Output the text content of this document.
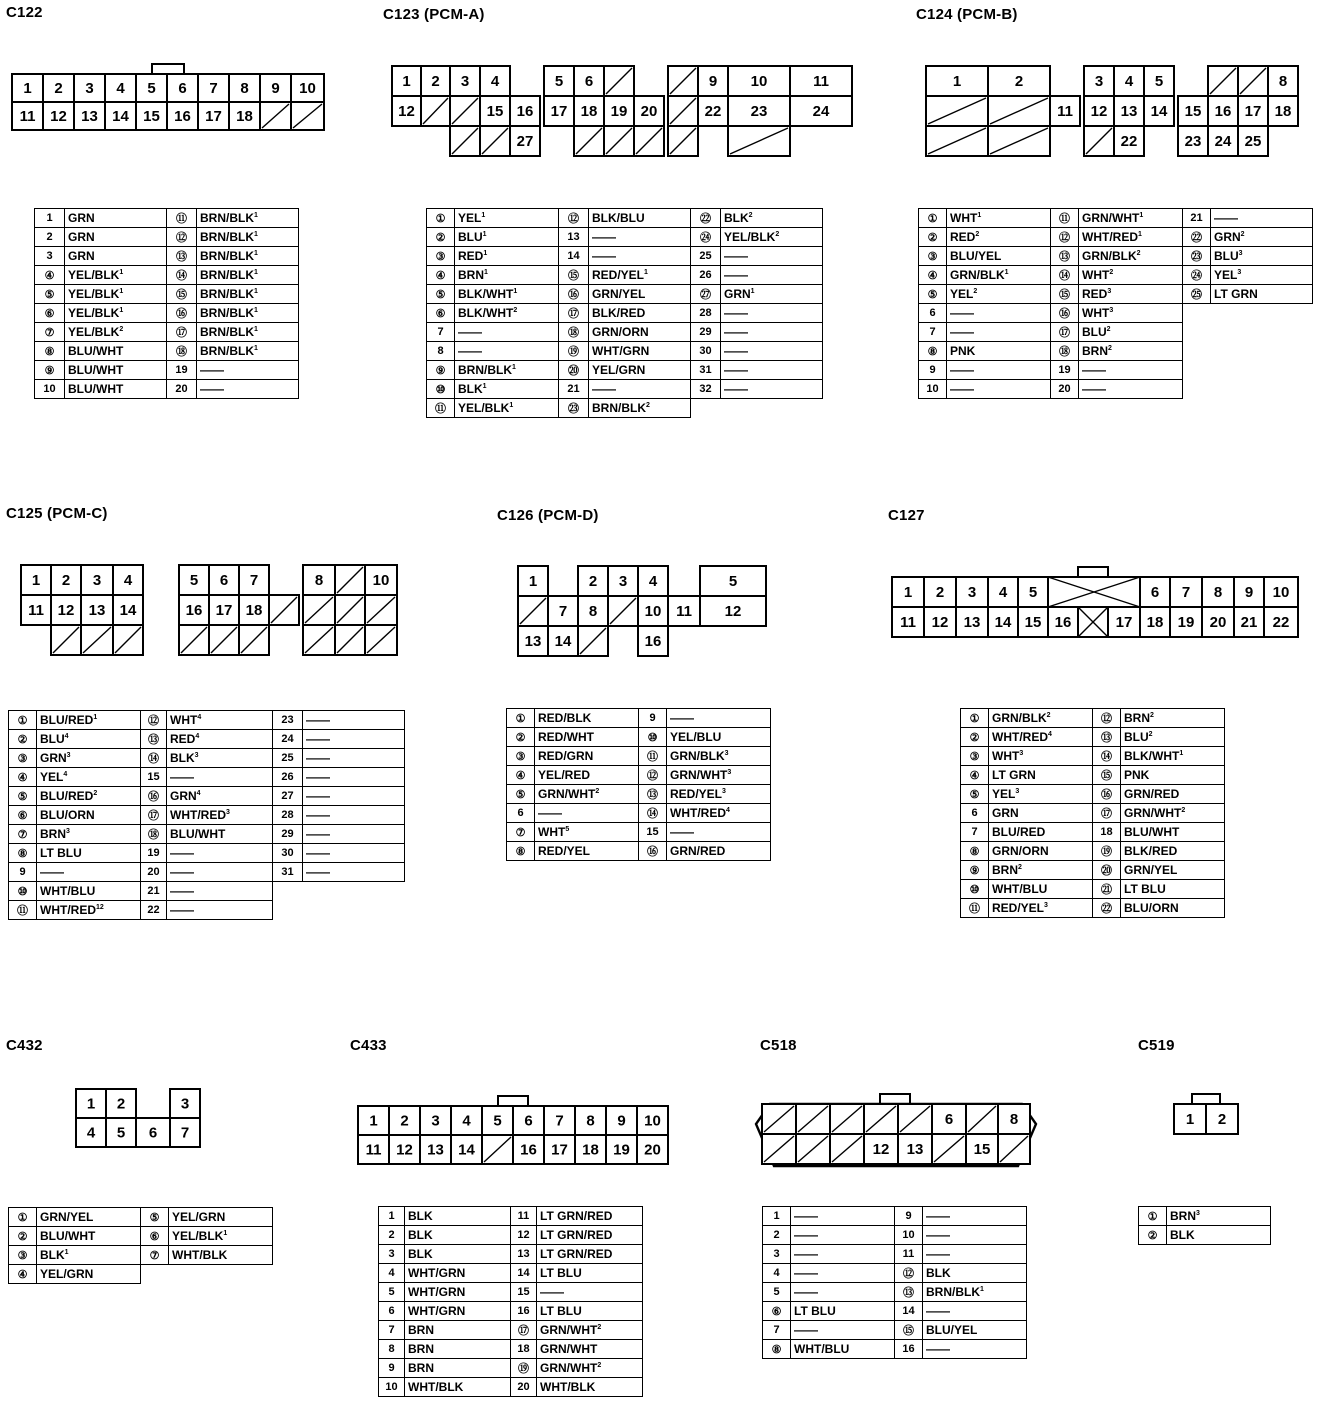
C122	C123 (PCM-A)	C124 (PCM-B)
C125 (PCM-C)	C126 (PCM-D)	C127
C432	C433	C518	C519
1 2 3 4 5 6 7 8 9 10
11 12 13 14 15 16 17 18
1 2 3 4	5 6	9 10	11
12	15 16 17 18 19 20	22 23	24
27
1	2
11
3 4 5
12 13 14
22
8
15 16 17 18
23 24 25
1 2 3 4
11 12 13 14
5 6 7
16 17 18
8	10	1
7
13 14
2 3 4
8	10 11
16
5
12
1 2 3 4 5	6 7 8 9 10
11 12 13 14 15 16	17 18 19 20 21 22
1 2	3
4 5 6 7
1 2 3 4 5 6 7 8 9 10
11 12 13 14	16 17 18 19 20
6	8
12 13	15
1 2
1	GRN	⑪	BRN/BLK$^1$
2	GRN	⑫	BRN/BLK$^1$
3	GRN	⑬	BRN/BLK$^1$
④	YEL/BLK$^1$	⑭	BRN/BLK$^1$
⑤	YEL/BLK$^1$	⑮	BRN/BLK$^1$
⑥	YEL/BLK$^1$	⑯	BRN/BLK$^1$
⑦	YEL/BLK$^2$	⑰	BRN/BLK$^1$
⑧	BLU/WHT	⑱	BRN/BLK$^1$
⑨	BLU/WHT	19	——
10	BLU/WHT	20	——
①	YEL$^1$	⑫	BLK/BLU	㉒	BLK$^2$
②	BLU$^1$	13	——	㉔	YEL/BLK$^2$
③	RED$^1$	14	——	25	——
④	BRN$^1$	⑮	RED/YEL$^1$	26	——
⑤	BLK/WHT$^1$	⑯	GRN/YEL	㉗	GRN$^1$
⑥	BLK/WHT$^2$	⑰	BLK/RED	28	——
7	——	⑱	GRN/ORN	29	——
8	——	⑲	WHT/GRN	30	——
⑨	BRN/BLK$^1$	⑳	YEL/GRN	31	——
⑩	BLK$^1$	21	——	32	——
⑪	YEL/BLK$^1$	㉓	BRN/BLK$^2$		
①	WHT$^1$	⑪	GRN/WHT$^1$	21	——
②	RED$^2$	⑫	WHT/RED$^1$	㉒	GRN$^2$
③	BLU/YEL	⑬	GRN/BLK$^2$	㉓	BLU$^3$
④	GRN/BLK$^1$	⑭	WHT$^2$	㉔	YEL$^3$
⑤	YEL$^2$	⑮	RED$^3$	㉕	LT GRN
6	——	⑯	WHT$^3$		
7	——	⑰	BLU$^2$		
⑧	PNK	⑱	BRN$^2$		
9	——	19	——		
10	——	20	——		
①	BLU/RED$^1$	⑫	WHT$^4$	23	——
②	BLU$^4$	⑬	RED$^4$	24	——
③	GRN$^3$	⑭	BLK$^3$	25	——
④	YEL$^4$	15	——	26	——
⑤	BLU/RED$^2$	⑯	GRN$^4$	27	——
⑥	BLU/ORN	⑰	WHT/RED$^3$	28	——
⑦	BRN$^3$	⑱	BLU/WHT	29	——
⑧	LT BLU	19	——	30	——
9	——	20	——	31	——
⑩	WHT/BLU	21	——		
⑪	WHT/RED$^{12}$	22	——		
①	RED/BLK	9	——
②	RED/WHT	⑩	YEL/BLU
③	RED/GRN	⑪	GRN/BLK$^3$
④	YEL/RED	⑫	GRN/WHT$^3$
⑤	GRN/WHT$^2$	⑬	RED/YEL$^3$
6	——	⑭	WHT/RED$^4$
⑦	WHT$^5$	15	——
⑧	RED/YEL	⑯	GRN/RED
①	GRN/BLK$^2$	⑫	BRN$^2$
②	WHT/RED$^4$	⑬	BLU$^2$
③	WHT$^3$	⑭	BLK/WHT$^1$
④	LT GRN	⑮	PNK
⑤	YEL$^3$	⑯	GRN/RED
6	GRN	⑰	GRN/WHT$^2$
7	BLU/RED	18	BLU/WHT
⑧	GRN/ORN	⑲	BLK/RED
⑨	BRN$^2$	⑳	GRN/YEL
⑩	WHT/BLU	㉑	LT BLU
⑪	RED/YEL$^3$	㉒	BLU/ORN
①	GRN/YEL	⑤	YEL/GRN
②	BLU/WHT	⑥	YEL/BLK$^1$
③	BLK$^1$	⑦	WHT/BLK
④	YEL/GRN		
1	BLK	11	LT GRN/RED
2	BLK	12	LT GRN/RED
3	BLK	13	LT GRN/RED
4	WHT/GRN	14	LT BLU
5	WHT/GRN	15	——
6	WHT/GRN	16	LT BLU
7	BRN	⑰	GRN/WHT$^2$
8	BRN	18	GRN/WHT
9	BRN	⑲	GRN/WHT$^2$
10	WHT/BLK	20	WHT/BLK
1	——	9	——
2	——	10	——
3	——	11	——
4	——	⑫	BLK
5	——	⑬	BRN/BLK$^1$
⑥	LT BLU	14	——
7	——	⑮	BLU/YEL
⑧	WHT/BLU	16	——
①	BRN$^3$
②	BLK
